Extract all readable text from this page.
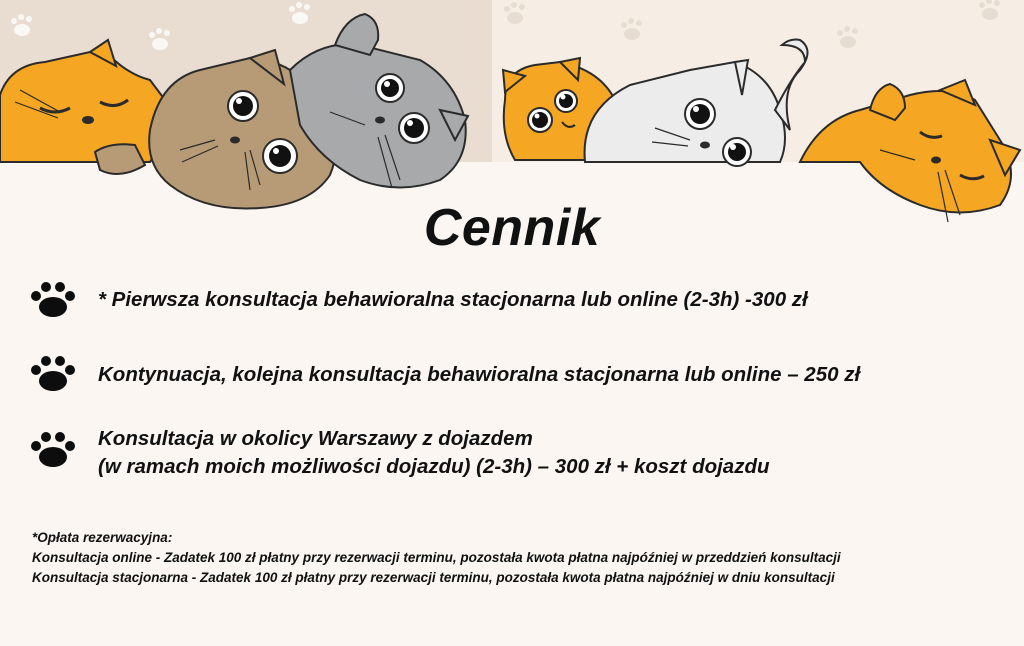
Cennik
* Pierwsza konsultacja behawioralna stacjonarna lub online (2-3h) -300 zł
Kontynuacja, kolejna konsultacja behawioralna stacjonarna lub online – 250 zł
Konsultacja w okolicy Warszawy z dojazdem
(w ramach moich możliwości dojazdu) (2-3h) – 300 zł + koszt dojazdu
*Opłata rezerwacyjna:
Konsultacja online - Zadatek 100 zł płatny przy rezerwacji terminu, pozostała kwota płatna najpóźniej w przeddzień konsultacji
Konsultacja stacjonarna - Zadatek 100 zł płatny przy rezerwacji terminu, pozostała kwota płatna najpóźniej w dniu konsultacji
